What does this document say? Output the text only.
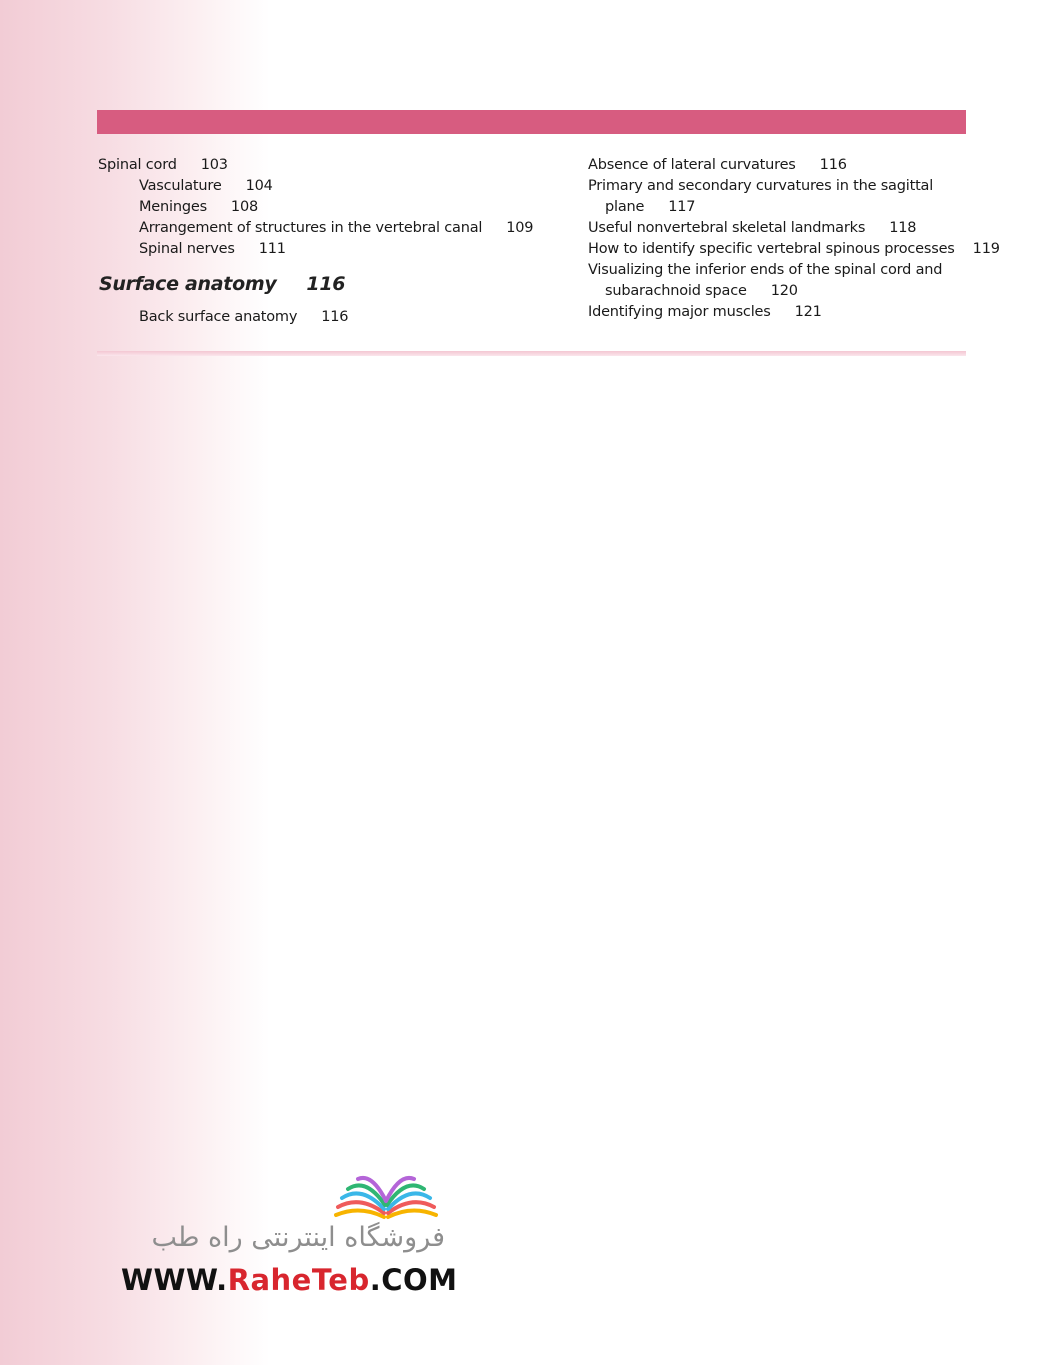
Spinal cord 103
Vasculature 104
Meninges 108
Arrangement of structures in the vertebral canal 109
Spinal nerves 111
Surface anatomy 116
Back surface anatomy 116
Absence of lateral curvatures 116
Primary and secondary curvatures in the sagittal
plane 117
Useful nonvertebral skeletal landmarks 118
How to identify specific vertebral spinous processes 119
Visualizing the inferior ends of the spinal cord and
subarachnoid space 120
Identifying major muscles 121
فروشگاه اینترنتی راه طب
WWW.RaheTeb.COM
